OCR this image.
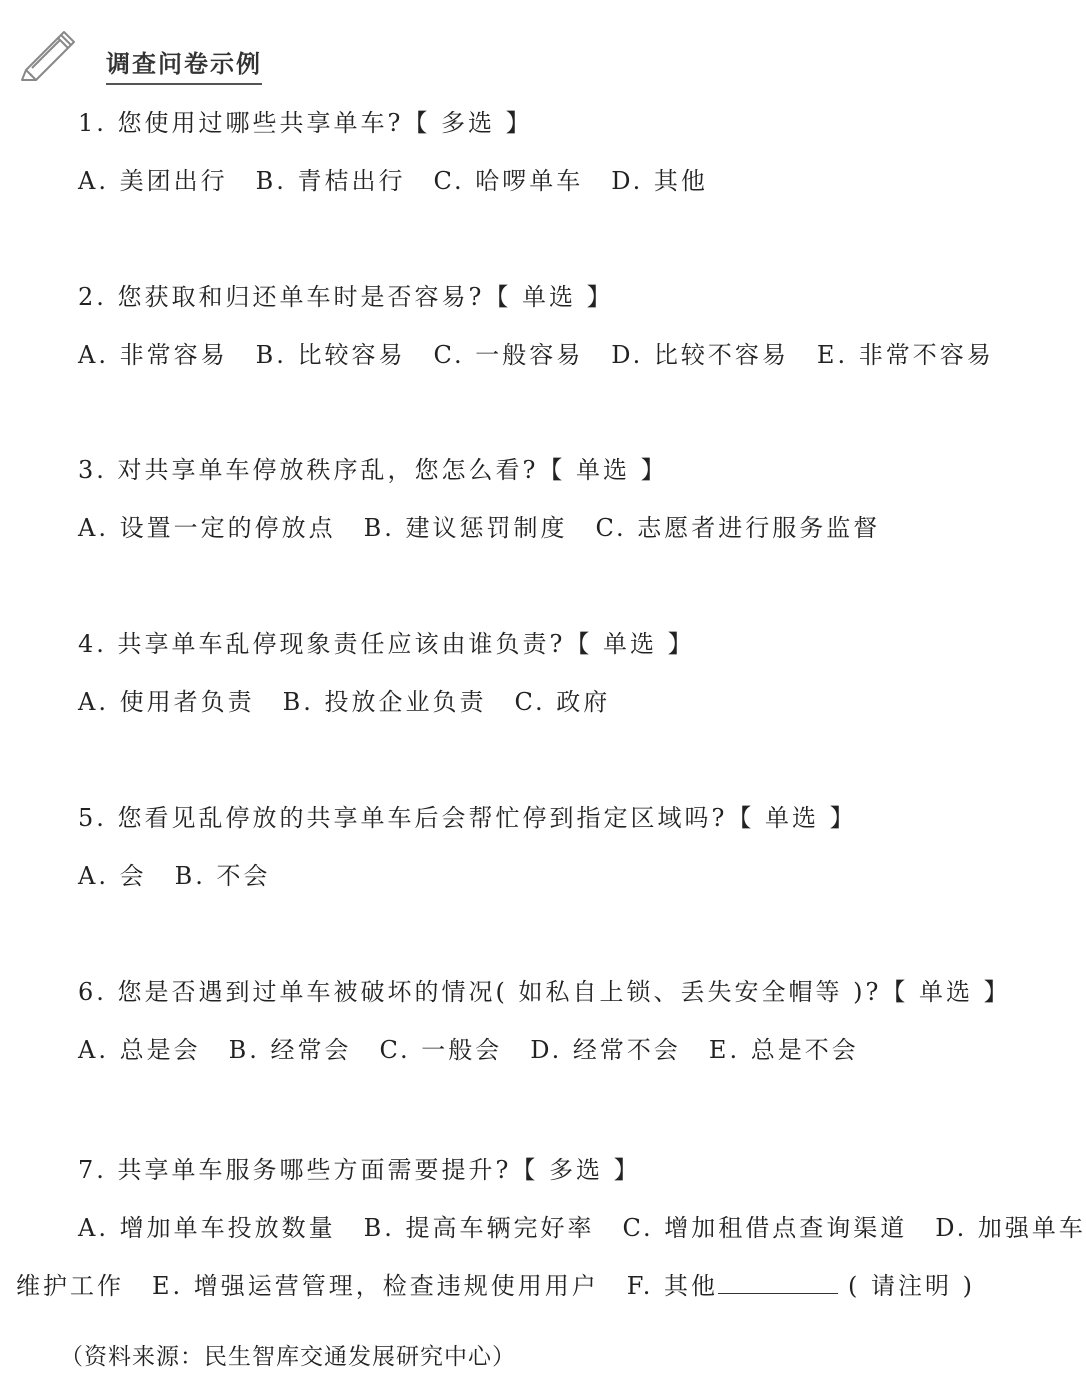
调查问卷示例
1. 您使用过哪些共享单车?【 多选 】
A. 美团出行 B. 青桔出行 C. 哈啰单车 D. 其他
2. 您获取和归还单车时是否容易?【 单选 】
A. 非常容易 B. 比较容易 C. 一般容易 D. 比较不容易 E. 非常不容易
3. 对共享单车停放秩序乱，您怎么看?【 单选 】
A. 设置一定的停放点 B. 建议惩罚制度 C. 志愿者进行服务监督
4. 共享单车乱停现象责任应该由谁负责?【 单选 】
A. 使用者负责 B. 投放企业负责 C. 政府
5. 您看见乱停放的共享单车后会帮忙停到指定区域吗?【 单选 】
A. 会 B. 不会
6. 您是否遇到过单车被破坏的情况( 如私自上锁、丢失安全帽等 )?【 单选 】
A. 总是会 B. 经常会 C. 一般会 D. 经常不会 E. 总是不会
7. 共享单车服务哪些方面需要提升?【 多选 】
A. 增加单车投放数量 B. 提高车辆完好率 C. 增加租借点查询渠道 D. 加强单车
维护工作 E. 增强运营管理，检查违规使用用户 F. 其他	( 请注明 )
（资料来源：民生智库交通发展研究中心）
